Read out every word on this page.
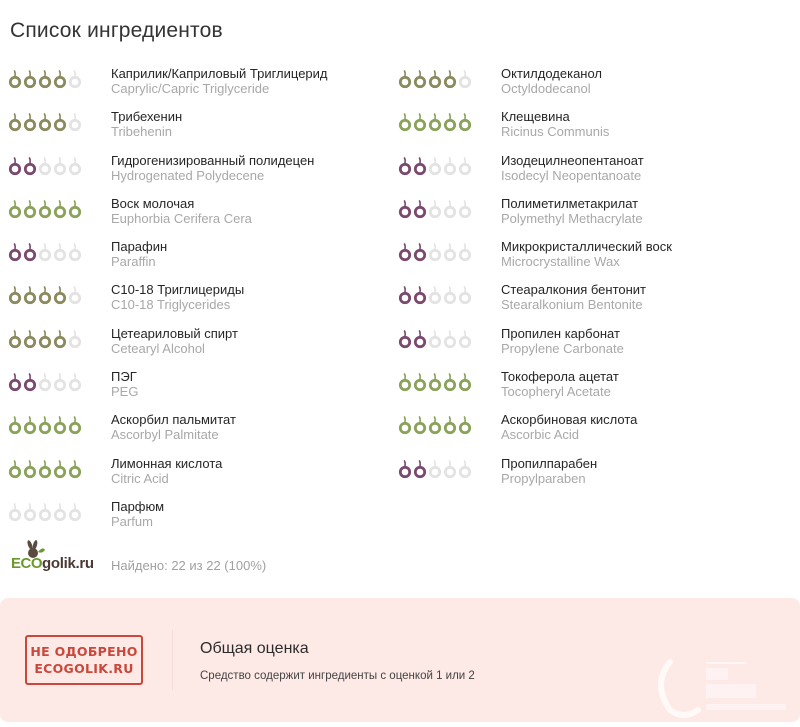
Список ингредиентов
Каприлик/Каприловый Триглицерид
Caprylic/Capric Triglyceride
Трибехенин
Tribehenin
Гидрогенизированный полидецен
Hydrogenated Polydecene
Воск молочая
Euphorbia Cerifera Cera
Парафин
Paraffin
С10-18 Триглицериды
C10-18 Triglycerides
Цетеариловый спирт
Cetearyl Alcohol
ПЭГ
PEG
Аскорбил пальмитат
Ascorbyl Palmitate
Лимонная кислота
Citric Acid
Парфюм
Parfum
Октилдодеканол
Octyldodecanol
Клещевина
Ricinus Communis
Изодецилнеопентаноат
Isodecyl Neopentanoate
Полиметилметакрилат
Polymethyl Methacrylate
Микрокристаллический воск
Microcrystalline Wax
Стеаралкония бентонит
Stearalkonium Bentonite
Пропилен карбонат
Propylene Carbonate
Токоферола ацетат
Tocopheryl Acetate
Аскорбиновая кислота
Ascorbic Acid
Пропилпарабен
Propylparaben
ECO golik.ru Найдено: 22 из 22 (100%)
НЕ ОДОБРЕНО
ECOGOLIK.RU
Общая оценка
Средство содержит ингредиенты с оценкой 1 или 2
